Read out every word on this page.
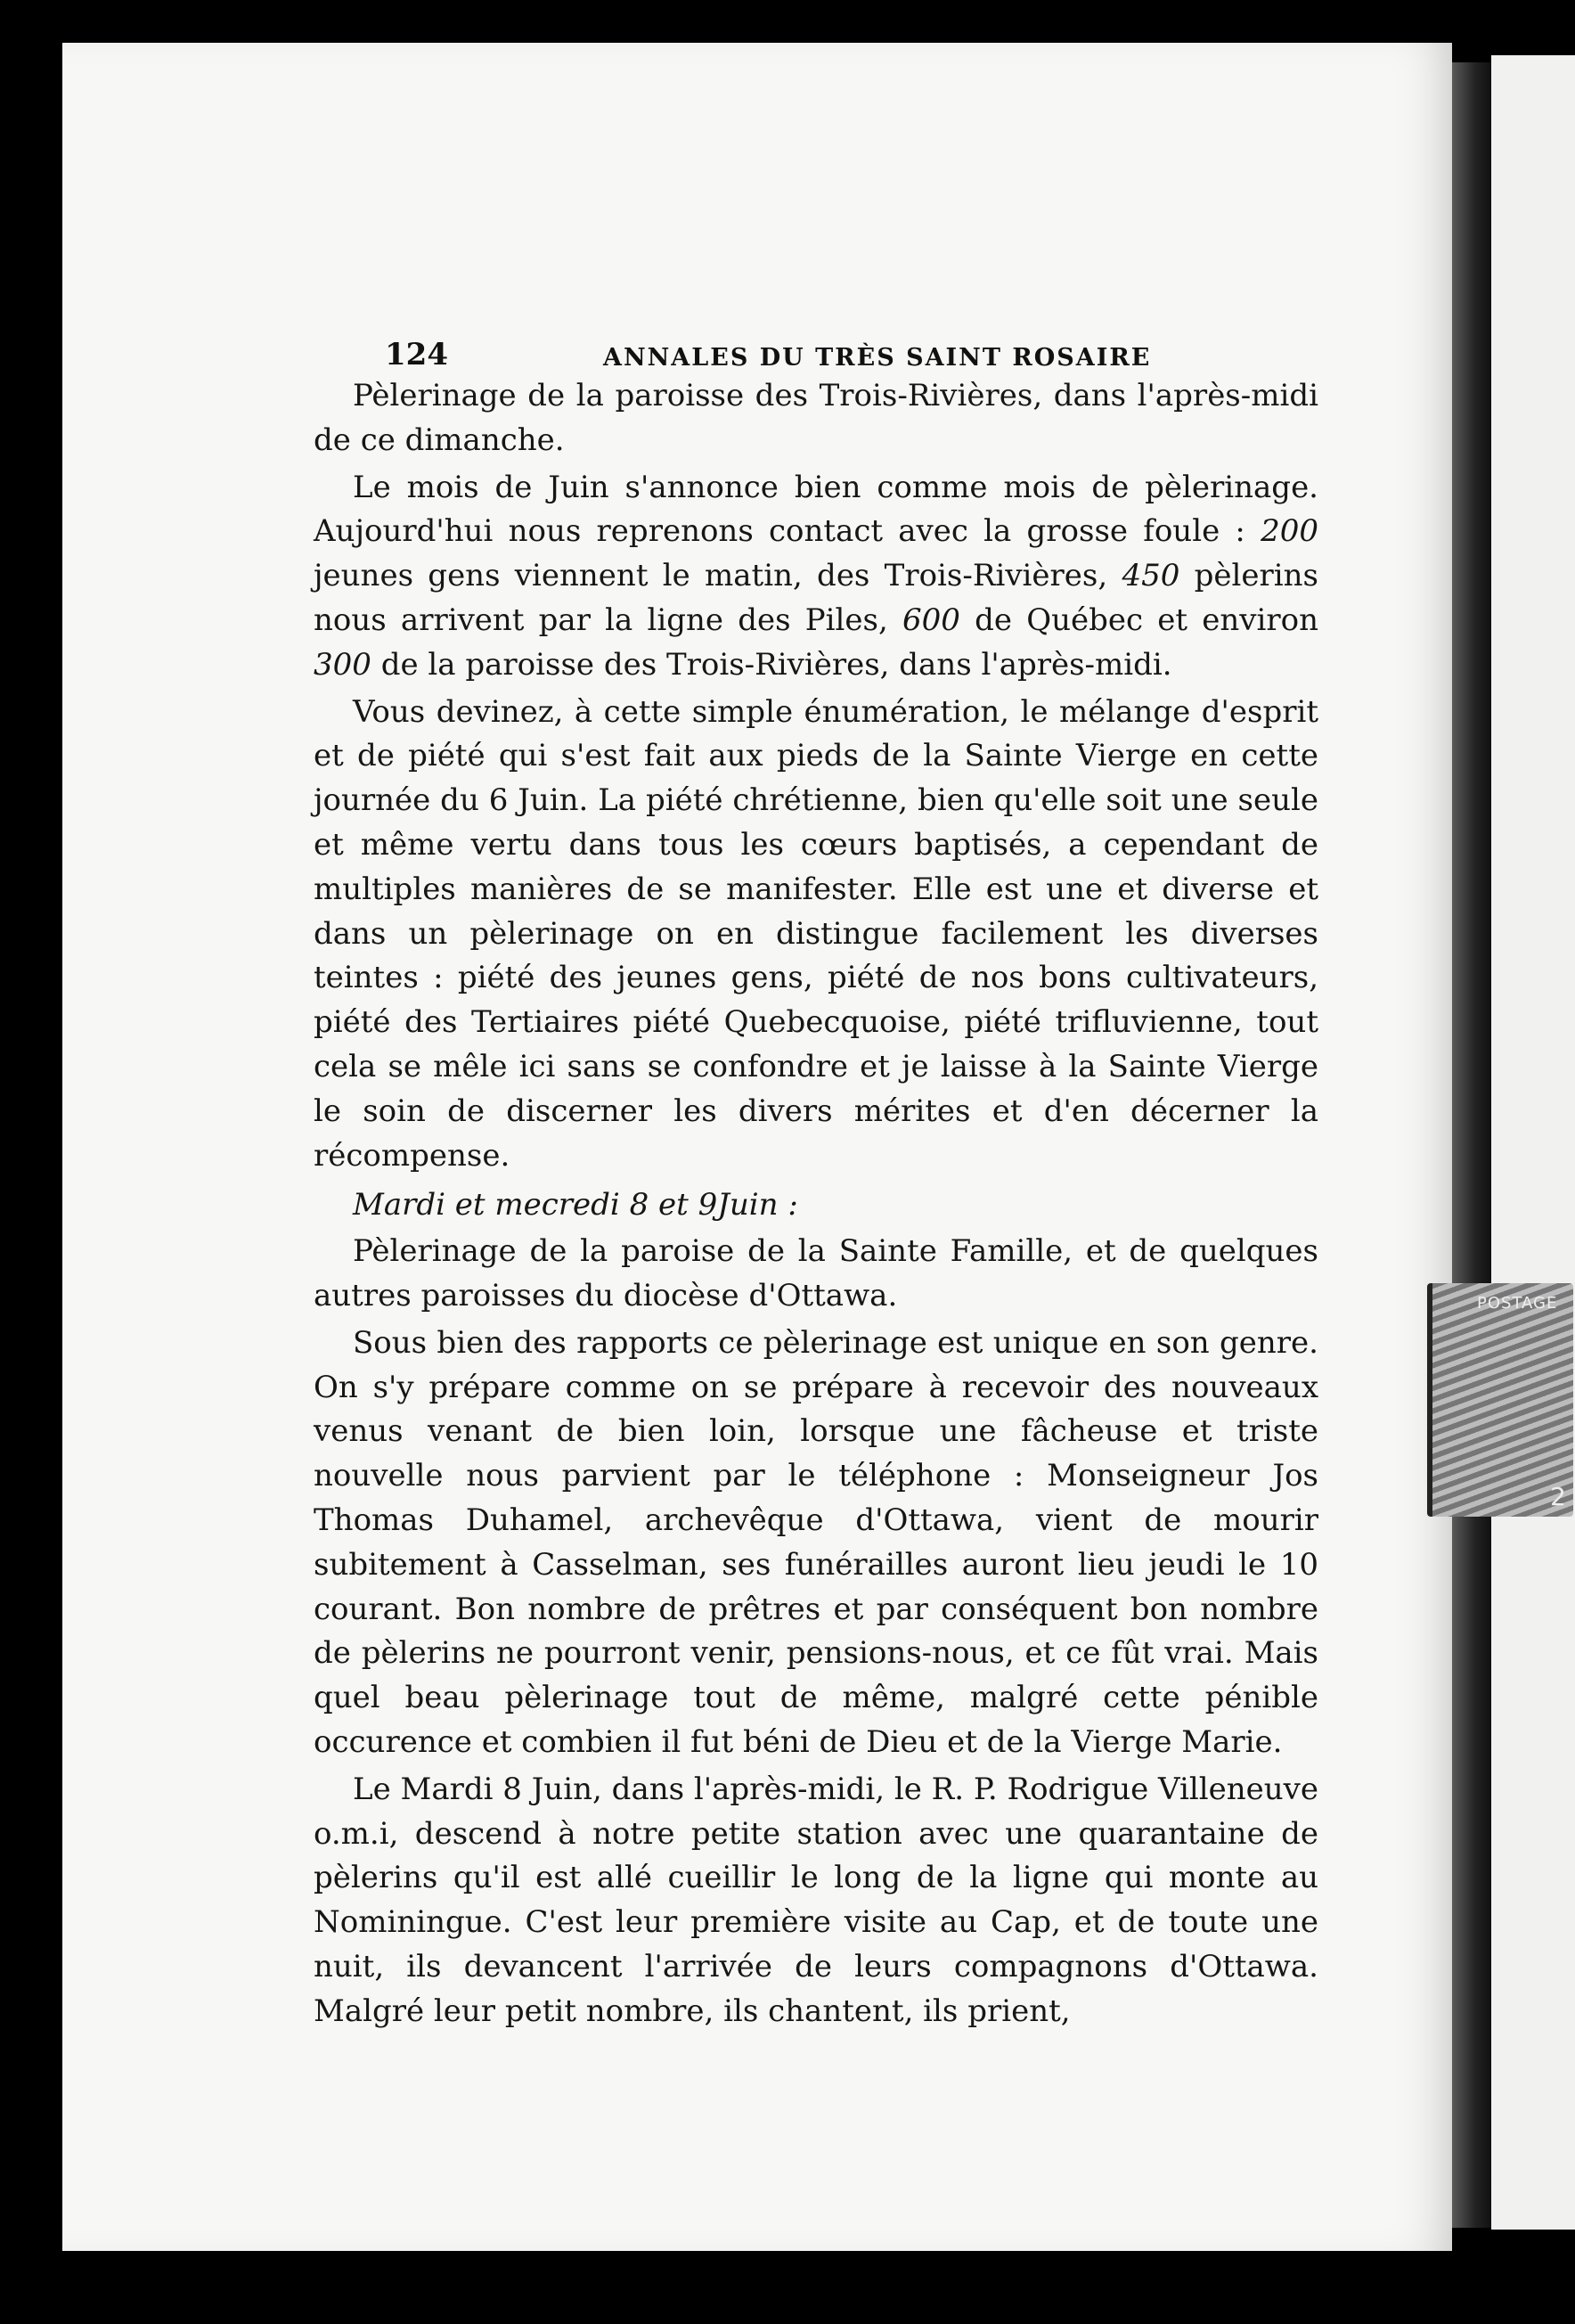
124	ANNALES DU TRÈS SAINT ROSAIRE
POSTAGE
2

Pèlerinage de la paroisse des Trois-Rivières, dans l'après-midi de ce dimanche.

Le mois de Juin s'annonce bien comme mois de pèlerinage. Aujourd'hui nous reprenons contact avec la grosse foule : 200 jeunes gens viennent le matin, des Trois-Rivières, 450 pèlerins nous arrivent par la ligne des Piles, 600 de Québec et environ 300 de la paroisse des Trois-Rivières, dans l'après-midi.

Vous devinez, à cette simple énumération, le mélange d'esprit et de piété qui s'est fait aux pieds de la Sainte Vierge en cette journée du 6 Juin. La piété chrétienne, bien qu'elle soit une seule et même vertu dans tous les cœurs baptisés, a cependant de multiples manières de se manifester. Elle est une et diverse et dans un pèlerinage on en distingue facilement les diverses teintes : piété des jeunes gens, piété de nos bons cultivateurs, piété des Tertiaires piété Quebecquoise, piété trifluvienne, tout cela se mêle ici sans se confondre et je laisse à la Sainte Vierge le soin de discerner les divers mérites et d'en décerner la récompense.

Mardi et mecredi 8 et 9Juin :

Pèlerinage de la paroise de la Sainte Famille, et de quelques autres paroisses du diocèse d'Ottawa.

Sous bien des rapports ce pèlerinage est unique en son genre. On s'y prépare comme on se prépare à recevoir des nouveaux venus venant de bien loin, lorsque une fâcheuse et triste nouvelle nous parvient par le téléphone : Monseigneur Jos Thomas Duhamel, archevêque d'Ottawa, vient de mourir subitement à Casselman, ses funérailles auront lieu jeudi le 10 courant. Bon nombre de prêtres et par conséquent bon nombre de pèlerins ne pourront venir, pensions-nous, et ce fût vrai. Mais quel beau pèlerinage tout de même, malgré cette pénible occurence et combien il fut béni de Dieu et de la Vierge Marie.

Le Mardi 8 Juin, dans l'après-midi, le R. P. Rodrigue Villeneuve o.m.i, descend à notre petite station avec une quarantaine de pèlerins qu'il est allé cueillir le long de la ligne qui monte au Nominingue. C'est leur première visite au Cap, et de toute une nuit, ils devancent l'arrivée de leurs compagnons d'Ottawa. Malgré leur petit nombre, ils chantent, ils prient,
